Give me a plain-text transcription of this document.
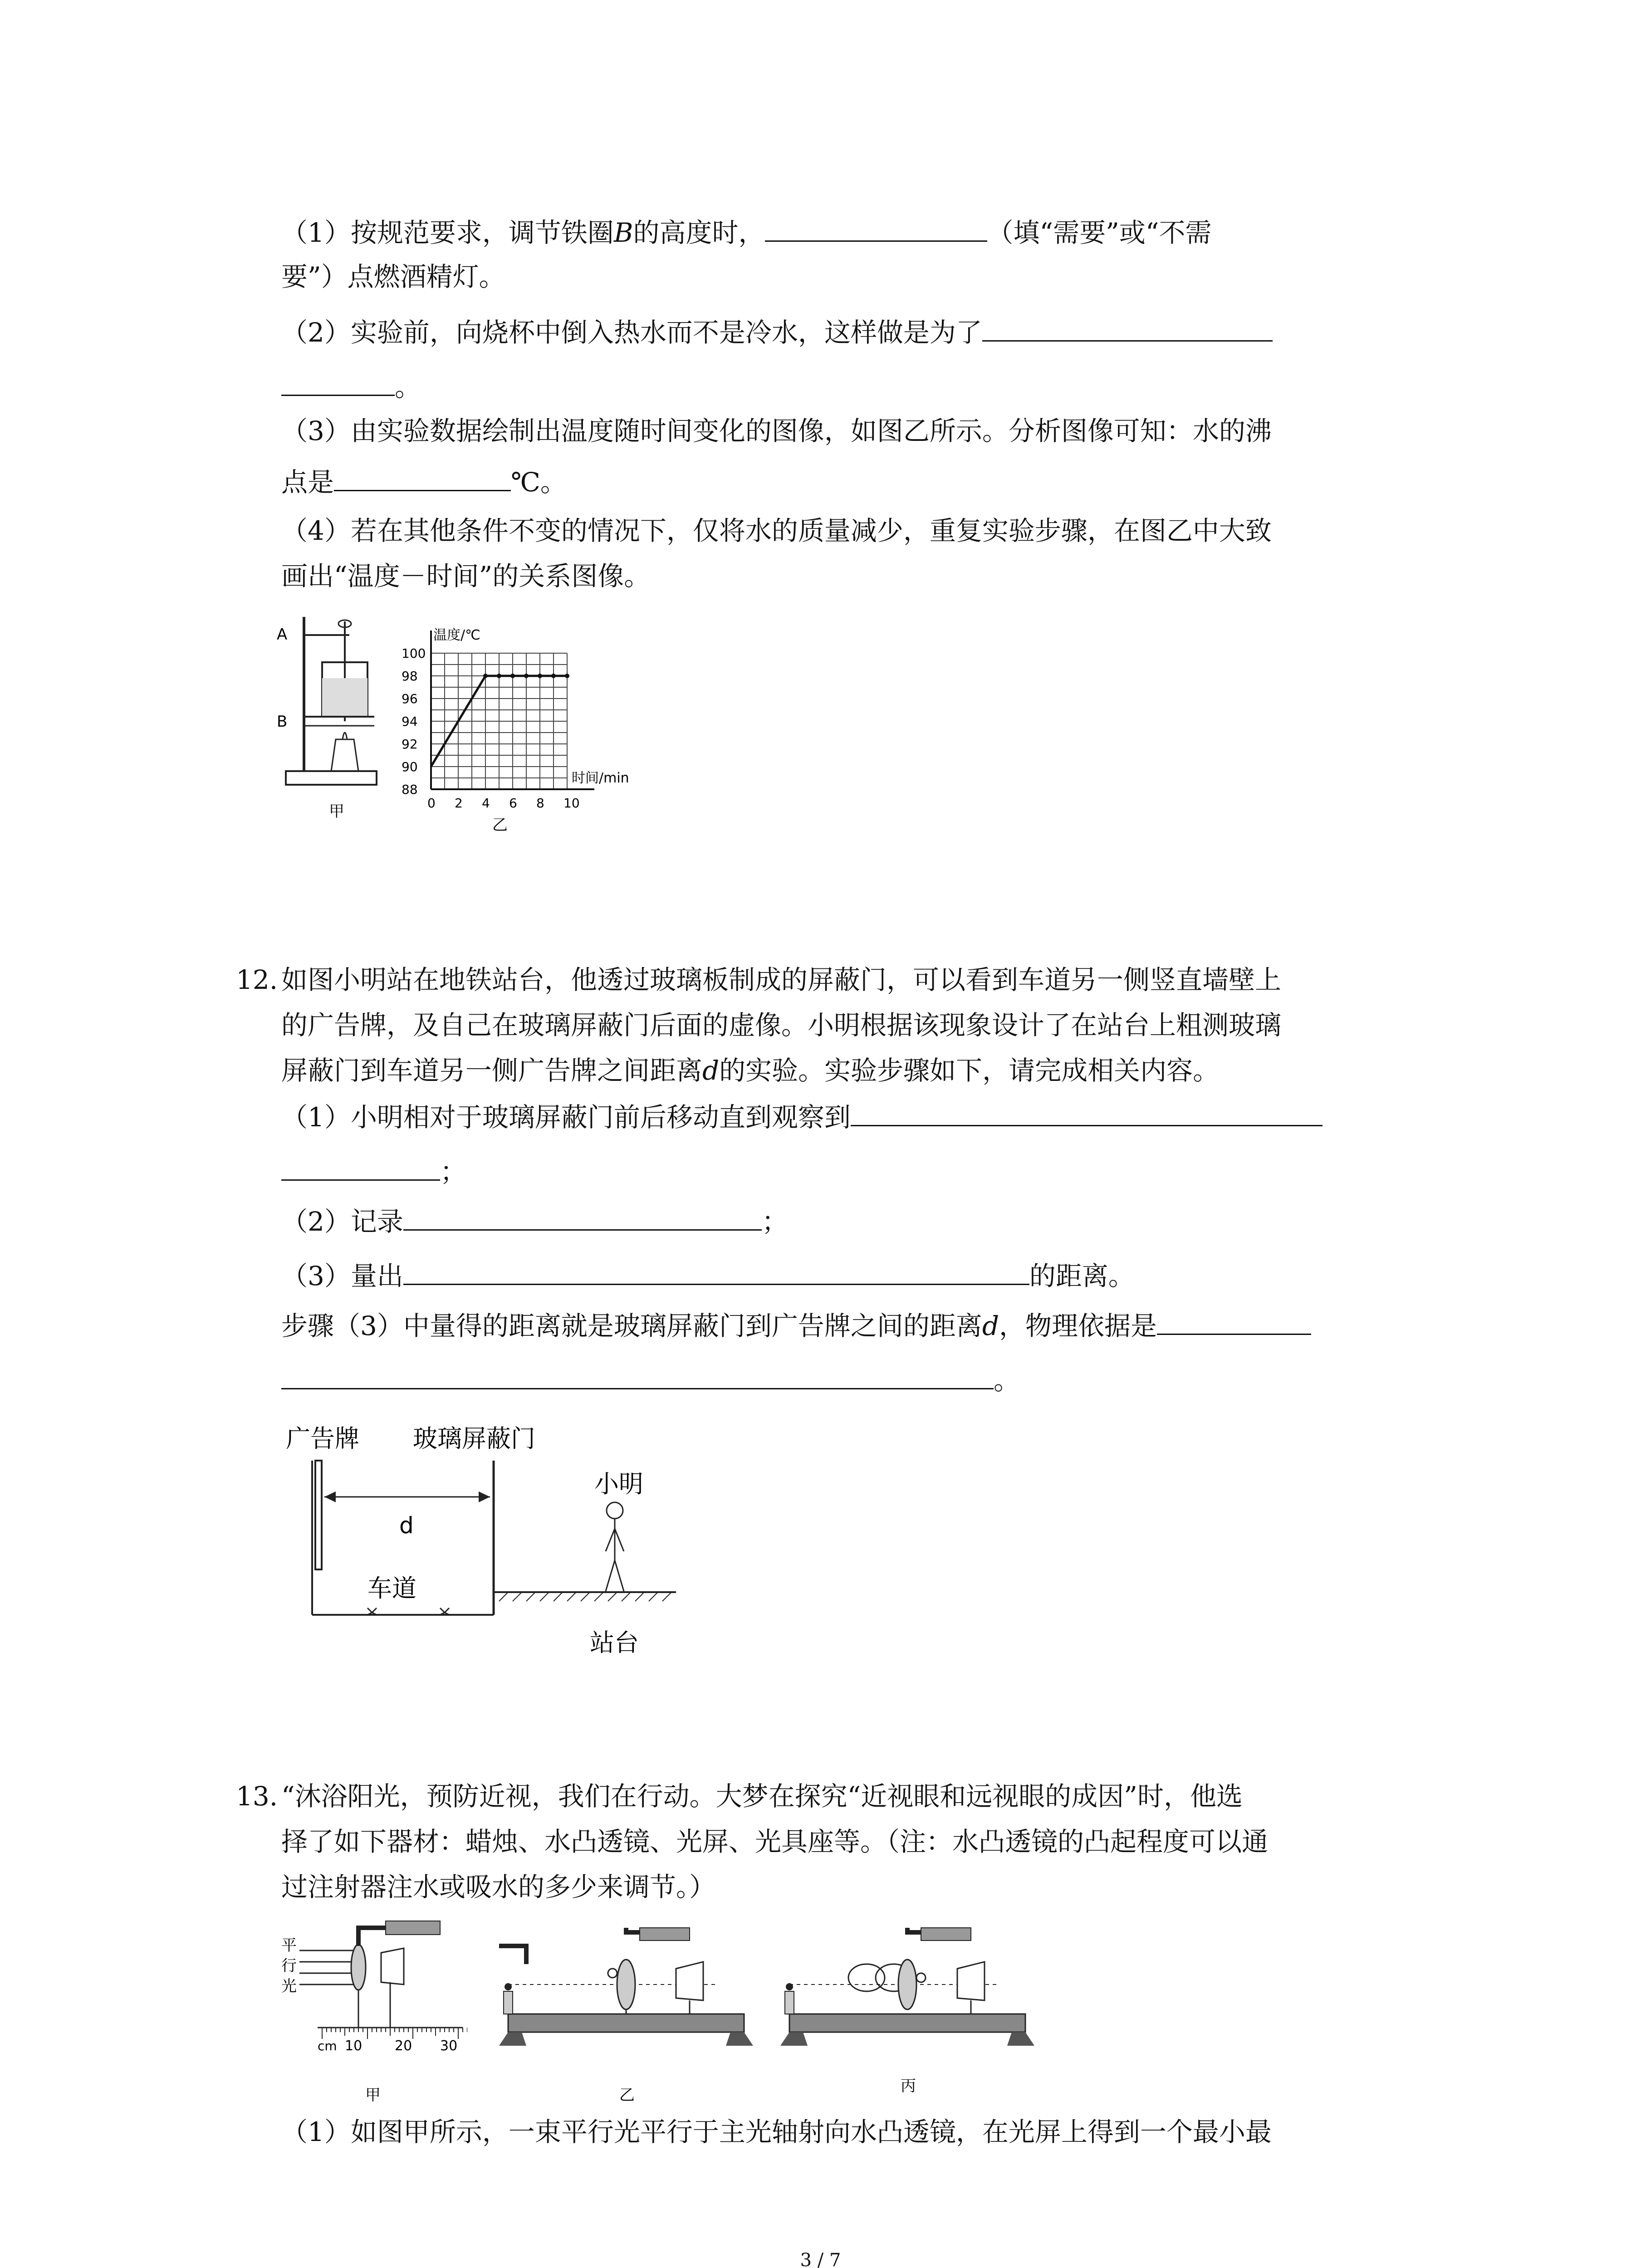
（1）按规范要求，调节铁圈B的高度时，	（填“需要”或“不需
要”）点燃酒精灯。
（2）实验前，向烧杯中倒入热水而不是冷水，这样做是为了
。
（3）由实验数据绘制出温度随时间变化的图像，如图乙所示。分析图像可知：水的沸
点是	℃。
（4）若在其他条件不变的情况下，仅将水的质量减少，重复实验步骤，在图乙中大致
画出“温度－时间”的关系图像。
A
B
甲	0 2 4 6 8 10
88
90
92
94
96
98
100
温度/℃
时间/min
乙
12. 如图小明站在地铁站台，他透过玻璃板制成的屏蔽门，可以看到车道另一侧竖直墙壁上
的广告牌，及自己在玻璃屏蔽门后面的虚像。小明根据该现象设计了在站台上粗测玻璃
屏蔽门到车道另一侧广告牌之间距离d的实验。实验步骤如下，请完成相关内容。
（1）小明相对于玻璃屏蔽门前后移动直到观察到
；
（2）记录	；
（3）量出	的距离。
步骤（3）中量得的距离就是玻璃屏蔽门到广告牌之间的距离d，物理依据是
。
广告牌 玻璃屏蔽门
小明
d
车道
站台
13. “沐浴阳光，预防近视，我们在行动。大梦在探究“近视眼和远视眼的成因”时，他选
择了如下器材：蜡烛、水凸透镜、光屏、光具座等。（注：水凸透镜的凸起程度可以通
过注射器注水或吸水的多少来调节。）
平
行
光
cm 10 20 30
甲	乙	丙
（1）如图甲所示，一束平行光平行于主光轴射向水凸透镜，在光屏上得到一个最小最
3 / 7
